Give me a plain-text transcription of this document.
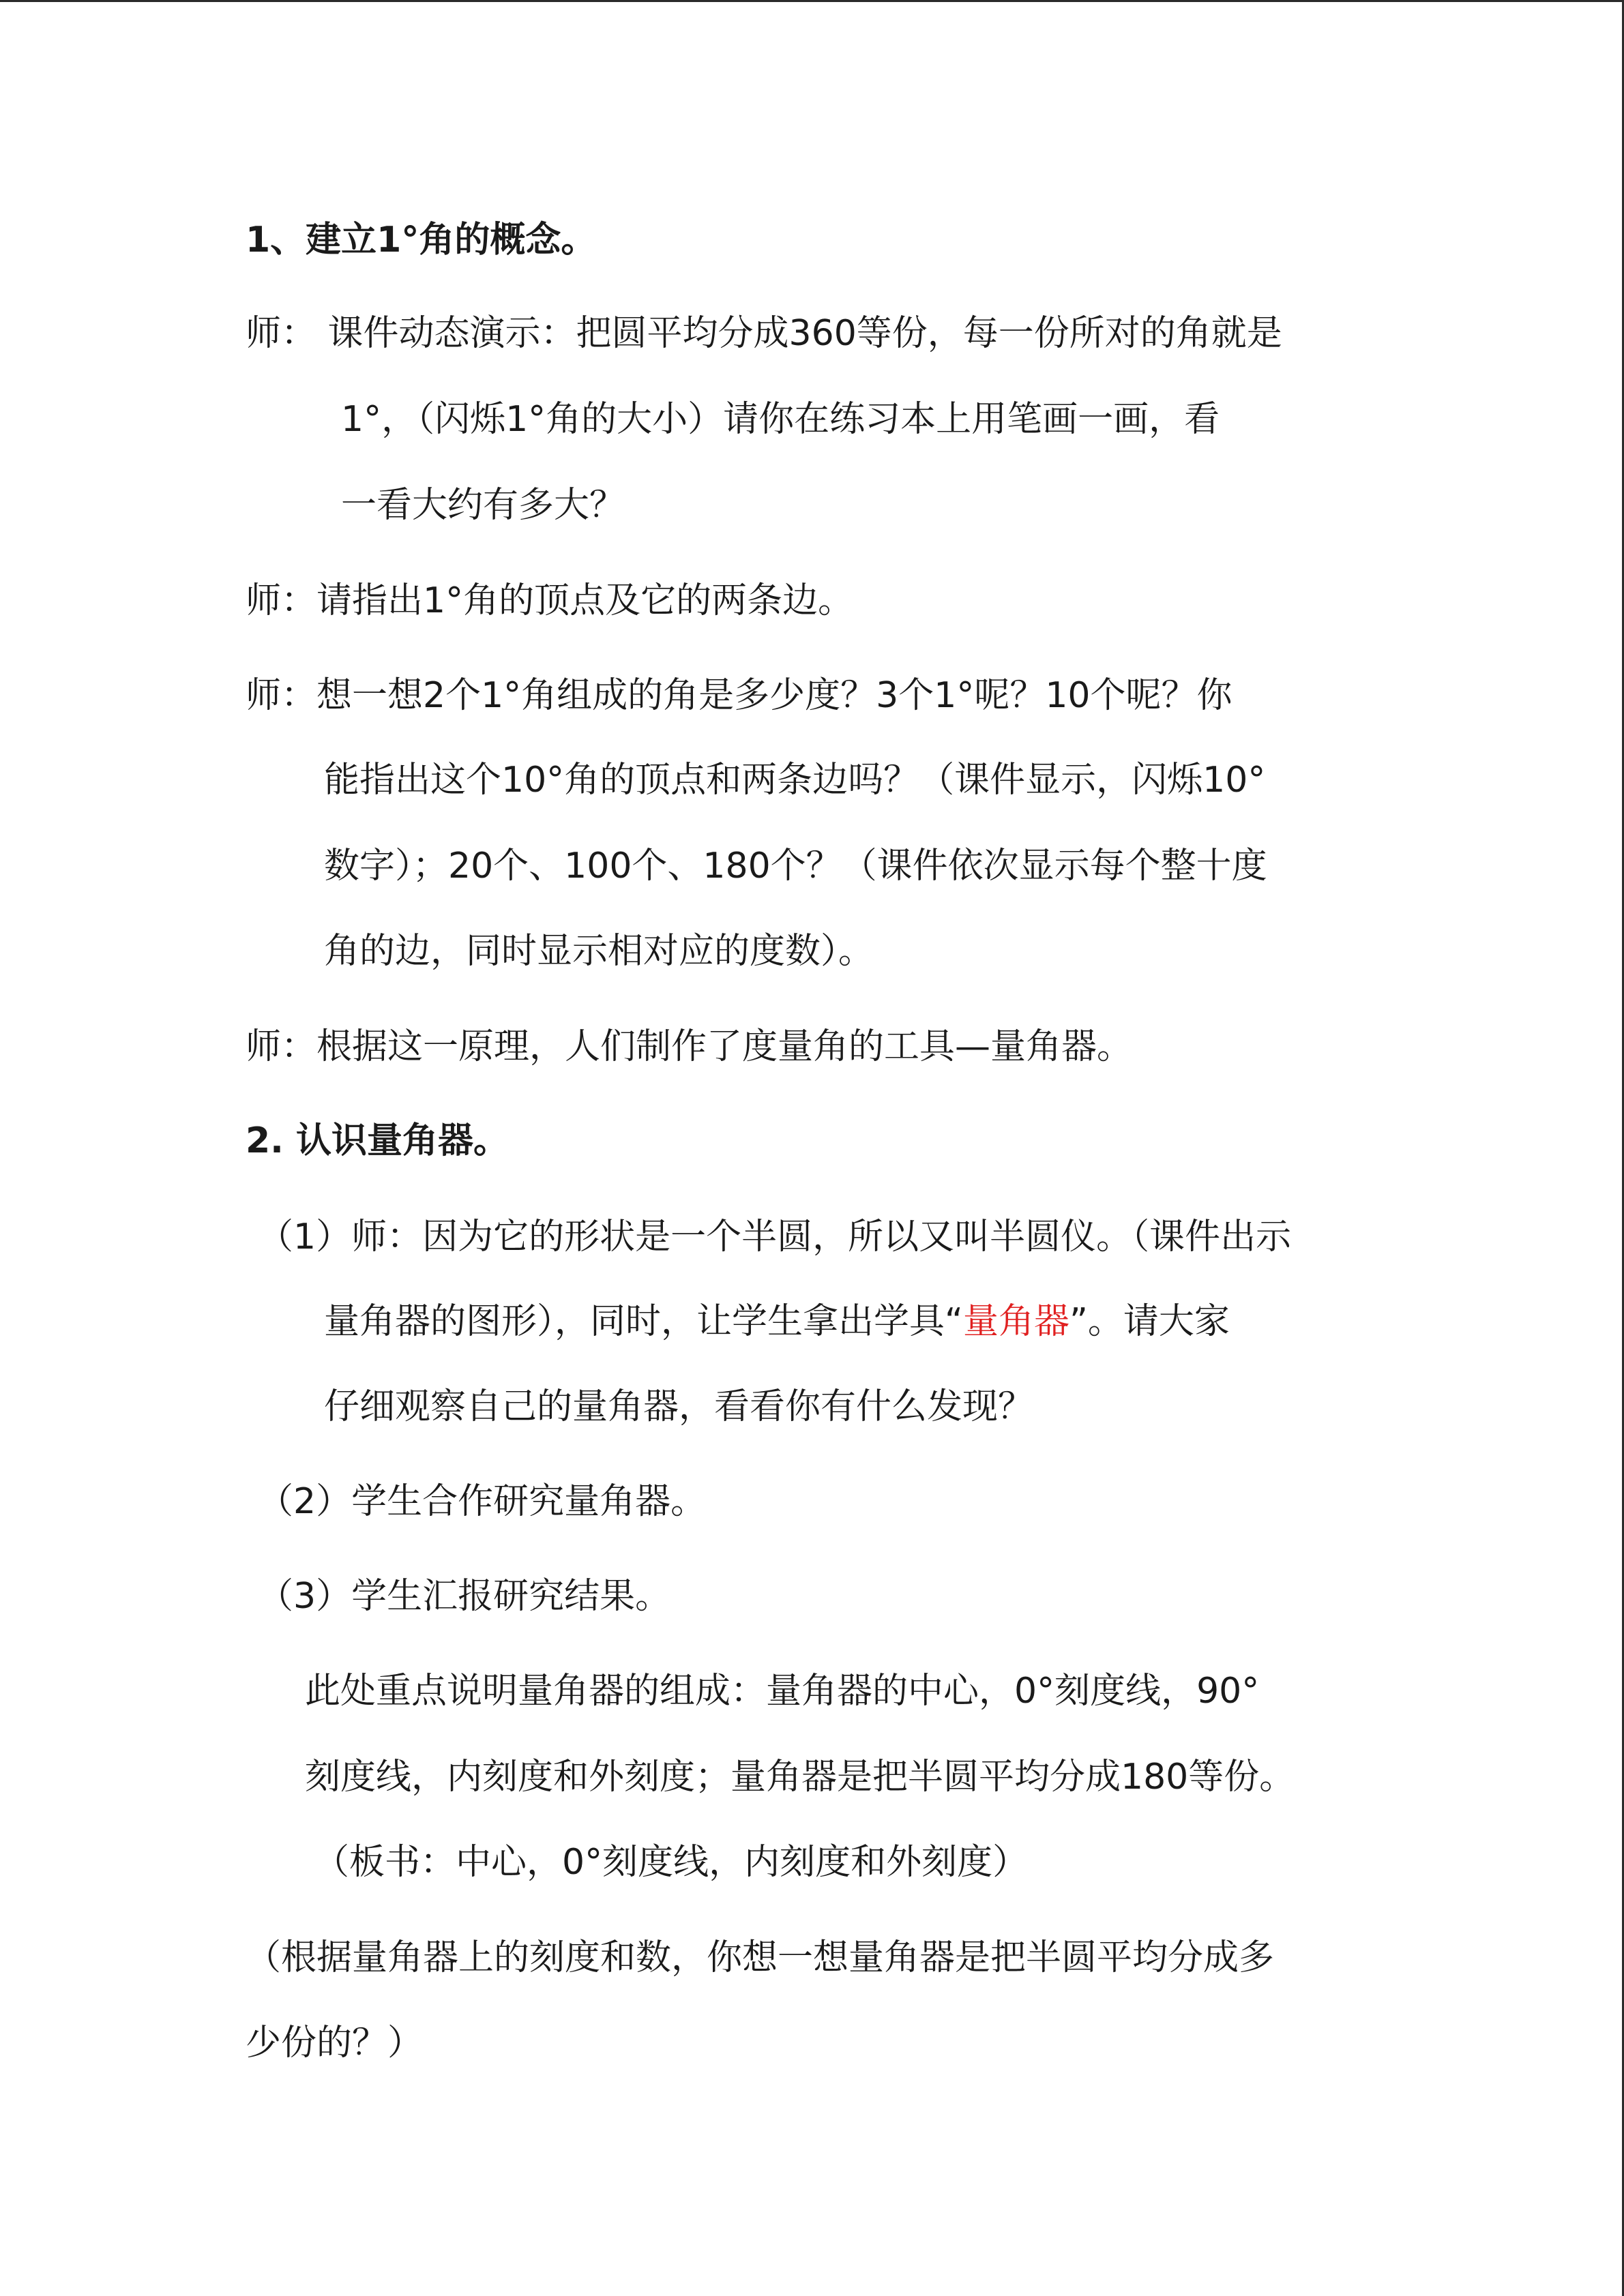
1、建立1°角的概念。
师： 课件动态演示：把圆平均分成360等份，每一份所对的角就是
1°，（闪烁1°角的大小）请你在练习本上用笔画一画，看
一看大约有多大？
师：请指出1°角的顶点及它的两条边。
师：想一想2个1°角组成的角是多少度？3个1°呢？10个呢？你
能指出这个10°角的顶点和两条边吗？（课件显示，闪烁10°
数字）；20个、100个、180个？（课件依次显示每个整十度
角的边，同时显示相对应的度数）。
师：根据这一原理，人们制作了度量角的工具—量角器。
2. 认识量角器。
（1）师：因为它的形状是一个半圆，所以又叫半圆仪。（课件出示
量角器的图形），同时，让学生拿出学具“量角器”。请大家
仔细观察自己的量角器，看看你有什么发现？
（2）学生合作研究量角器。
（3）学生汇报研究结果。
此处重点说明量角器的组成：量角器的中心，0°刻度线，90°
刻度线，内刻度和外刻度；量角器是把半圆平均分成180等份。
（板书：中心，0°刻度线，内刻度和外刻度）
（根据量角器上的刻度和数，你想一想量角器是把半圆平均分成多
少份的？）
